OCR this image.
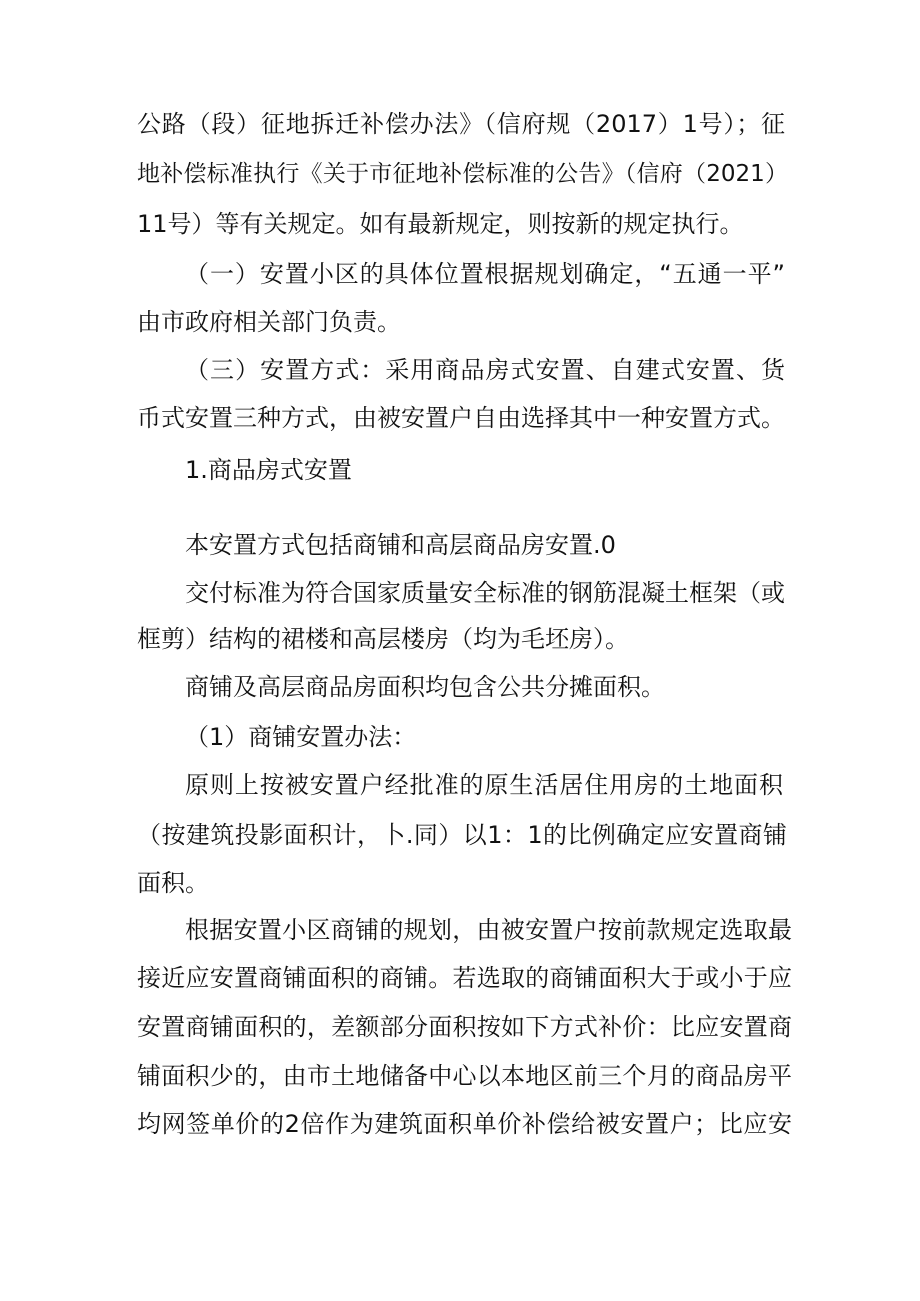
公路（段）征地拆迁补偿办法》（信府规（2017）1号）；征
地补偿标准执行《关于市征地补偿标准的公告》（信府（2021）
11号）等有关规定。如有最新规定，则按新的规定执行。
（一）安置小区的具体位置根据规划确定，“五通一平”
由市政府相关部门负责。
（三）安置方式：采用商品房式安置、自建式安置、货
币式安置三种方式，由被安置户自由选择其中一种安置方式。
1.商品房式安置
本安置方式包括商铺和高层商品房安置.0
交付标准为符合国家质量安全标准的钢筋混凝土框架（或
框剪）结构的裙楼和高层楼房（均为毛坯房）。
商铺及高层商品房面积均包含公共分摊面积。
（1）商铺安置办法：
原则上按被安置户经批准的原生活居住用房的土地面积
（按建筑投影面积计，卜.同）以1：1的比例确定应安置商铺
面积。
根据安置小区商铺的规划，由被安置户按前款规定选取最
接近应安置商铺面积的商铺。若选取的商铺面积大于或小于应
安置商铺面积的，差额部分面积按如下方式补价：比应安置商
铺面积少的，由市土地储备中心以本地区前三个月的商品房平
均网签单价的2倍作为建筑面积单价补偿给被安置户；比应安
